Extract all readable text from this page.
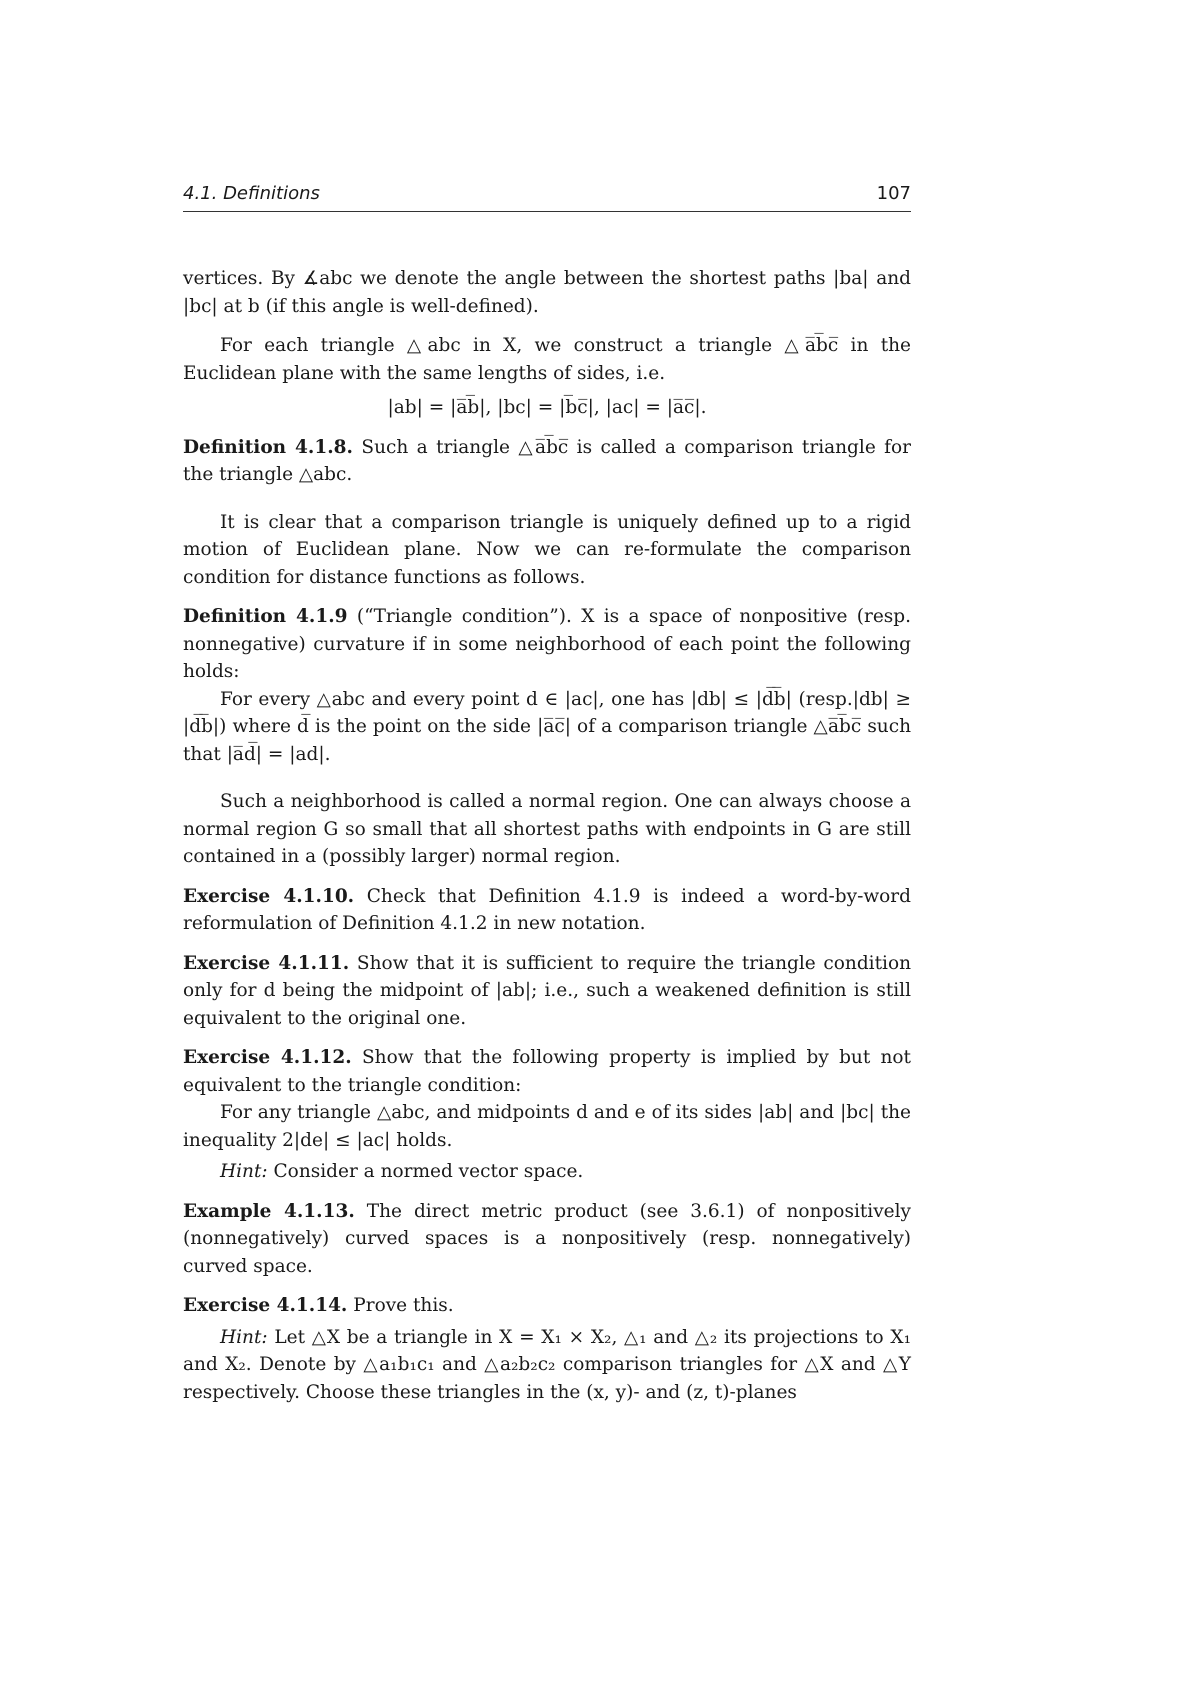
4.1. Definitions	107

vertices. By ∡abc we denote the angle between the shortest paths |ba| and |bc| at b (if this angle is well-defined).

For each triangle △abc in X, we construct a triangle △a̅b̅c̅ in the Euclidean plane with the same lengths of sides, i.e.

|ab| = |a̅b̅|, |bc| = |b̅c̅|, |ac| = |a̅c̅|.

Definition 4.1.8. Such a triangle △a̅b̅c̅ is called a comparison triangle for the triangle △abc.

It is clear that a comparison triangle is uniquely defined up to a rigid motion of Euclidean plane. Now we can re-formulate the comparison condition for distance functions as follows.

Definition 4.1.9 (“Triangle condition”). X is a space of nonpositive (resp. nonnegative) curvature if in some neighborhood of each point the following holds:

For every △abc and every point d ∈ |ac|, one has |db| ≤ |d̅b̅| (resp.|db| ≥ |d̅b̅|) where d̅ is the point on the side |a̅c̅| of a comparison triangle △a̅b̅c̅ such that |a̅d̅| = |ad|.

Such a neighborhood is called a normal region. One can always choose a normal region G so small that all shortest paths with endpoints in G are still contained in a (possibly larger) normal region.

Exercise 4.1.10. Check that Definition 4.1.9 is indeed a word-by-word reformulation of Definition 4.1.2 in new notation.

Exercise 4.1.11. Show that it is sufficient to require the triangle condition only for d being the midpoint of |ab|; i.e., such a weakened definition is still equivalent to the original one.

Exercise 4.1.12. Show that the following property is implied by but not equivalent to the triangle condition:

For any triangle △abc, and midpoints d and e of its sides |ab| and |bc| the inequality 2|de| ≤ |ac| holds.

Hint: Consider a normed vector space.

Example 4.1.13. The direct metric product (see 3.6.1) of nonpositively (nonnegatively) curved spaces is a nonpositively (resp. nonnegatively) curved space.

Exercise 4.1.14. Prove this.

Hint: Let △X be a triangle in X = X₁ × X₂, △₁ and △₂ its projections to X₁ and X₂. Denote by △a₁b₁c₁ and △a₂b₂c₂ comparison triangles for △X and △Y respectively. Choose these triangles in the (x, y)- and (z, t)-planes
